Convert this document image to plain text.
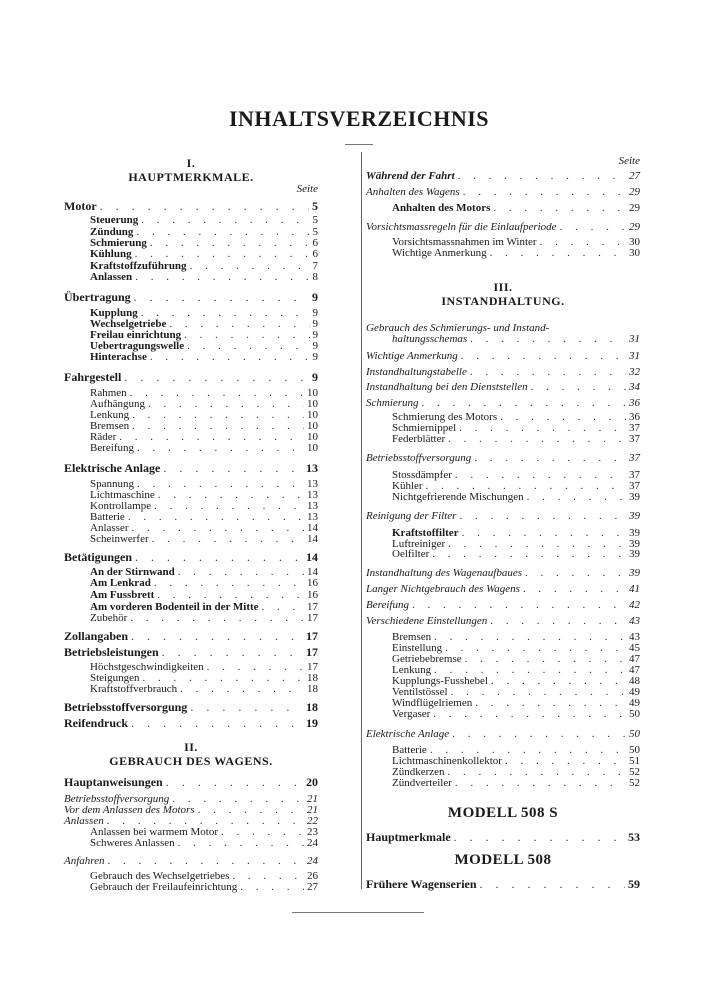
INHALTSVERZEICHNIS
I.
HAUPTMERKMALE.
Seite
Motor . . .	5
Steuerung . . .	5
Zündung . . .	5
Schmierung . . .	6
Kühlung . . .	6
Kraftstoffzuführung . . .	7
Anlassen . . .	8
Übertragung . . .	9
Kupplung . . .	9
Wechselgetriebe . . .	9
Freilau einrichtung . . .	9
Uebertragungswelle . . .	9
Hinterachse . . .	9
Fahrgestell . . .	9
Rahmen . . .	10
Aufhängung . . .	10
Lenkung . . .	10
Bremsen . . .	10
Räder . . .	10
Bereifung . . .	10
Elektrische Anlage . . .	13
Spannung . . .	13
Lichtmaschine . . .	13
Kontrollampe . . .	13
Batterie . . .	13
Anlasser . . .	14
Scheinwerfer . . .	14
Betätigungen . . .	14
An der Stirnwand . . .	14
Am Lenkrad . . .	16
Am Fussbrett . . .	16
Am vorderen Bodenteil in der Mitte . . .	17
Zubehör . . .	17
Zollangaben . . .	17
Betriebsleistungen . . .	17
Höchstgeschwindigkeiten . . .	17
Steigungen . . .	18
Kraftstoffverbrauch . . .	18
Betriebsstoffversorgung . . .	18
Reifendruck . . .	19
Hauptanweisungen . . .	20
Betriebsstoffversorgung . . .	21
Vor dem Anlassen des Motors . . .	21
Anlassen . . .	22
Anlassen bei warmem Motor . . .	23
Schweres Anlassen . . .	24
Anfahren . . .	24
Gebrauch des Wechselgetriebes . . .	26
Gebrauch der Freilaufeinrichtung . . .	27
II.
GEBRAUCH DES WAGENS.
Seite
Während der Fahrt . . .	27
Anhalten des Wagens . . .	29
Anhalten des Motors . . .	29
Vorsichtsmassregeln für die Einlaufperiode . . .	29
Vorsichtsmassnahmen im Winter . . .	30
Wichtige Anmerkung . . .	30
Gebrauch des Schmierungs- und Instand-
haltungsschemas . . .	31
Wichtige Anmerkung . . .	31
Instandhaltungstabelle . . .	32
Instandhaltung bei den Dienststellen . . .	34
Schmierung . . .	36
Schmierung des Motors . . .	36
Schmiernippel . . .	37
Federblätter . . .	37
Betriebsstoffversorgung . . .	37
Stossdämpfer . . .	37
Kühler . . .	37
Nichtgefrierende Mischungen . . .	39
Reinigung der Filter . . .	39
Kraftstoffilter . . .	39
Luftreiniger . . .	39
Oelfilter . . .	39
Instandhaltung des Wagenaufbaues . . .	39
Langer Nichtgebrauch des Wagens . . .	41
Bereifung . . .	42
Verschiedene Einstellungen . . .	43
Bremsen . . .	43
Einstellung . . .	45
Getriebebremse . . .	47
Lenkung . . .	47
Kupplungs-Fusshebel . . .	48
Ventilstössel . . .	49
Windflügelriemen . . .	49
Vergaser . . .	50
Elektrische Anlage . . .	50
Batterie . . .	50
Lichtmaschinenkollektor . . .	51
Zündkerzen . . .	52
Zündverteiler . . .	52
III.
INSTANDHALTUNG.
MODELL 508 S
Hauptmerkmale . . .	53
MODELL 508
Frühere Wagenserien . . .	59
